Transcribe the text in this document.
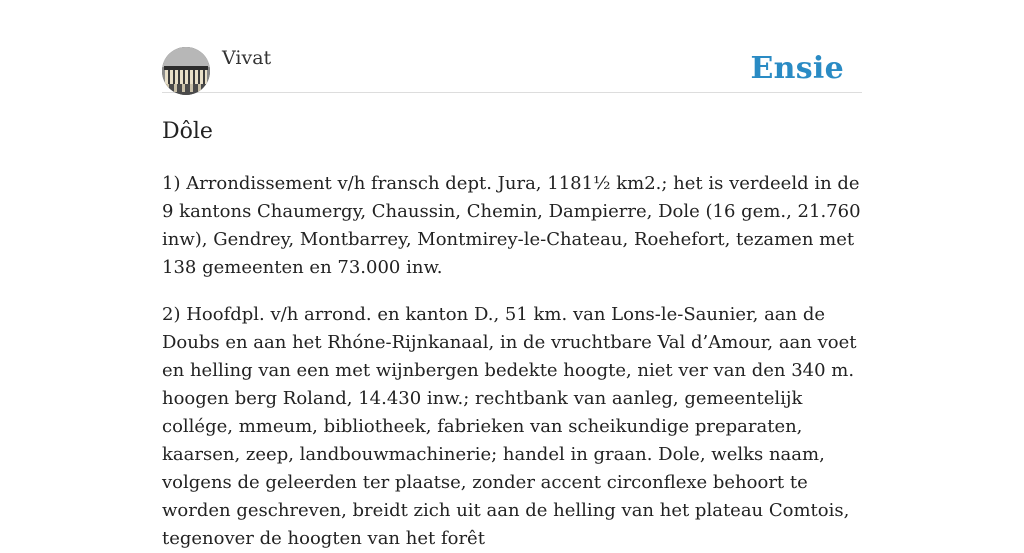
Vivat	Ensie
Dôle

1) Arrondissement v/h fransch dept. Jura, 1181½ km2.; het is verdeeld in de 9 kantons Chaumergy, Chaussin, Chemin, Dampierre, Dole (16 gem., 21.760 inw), Gendrey, Montbarrey, Montmirey-le-Chateau, Roehefort, tezamen met 138 gemeenten en 73.000 inw.

2) Hoofdpl. v/h arrond. en kanton D., 51 km. van Lons-le-Saunier, aan de Doubs en aan het Rhóne-Rijnkanaal, in de vruchtbare Val d’Amour, aan voet en helling van een met wijnbergen bedekte hoogte, niet ver van den 340 m. hoogen berg Roland, 14.430 inw.; rechtbank van aanleg, gemeentelijk collége, mmeum, bibliotheek, fabrieken van scheikundige preparaten, kaarsen, zeep, landbouwmachinerie; handel in graan. Dole, welks naam, volgens de geleerden ter plaatse, zonder accent circonflexe behoort te worden geschreven, breidt zich uit aan de helling van het plateau Comtois, tegenover de hoogten van het forêt
